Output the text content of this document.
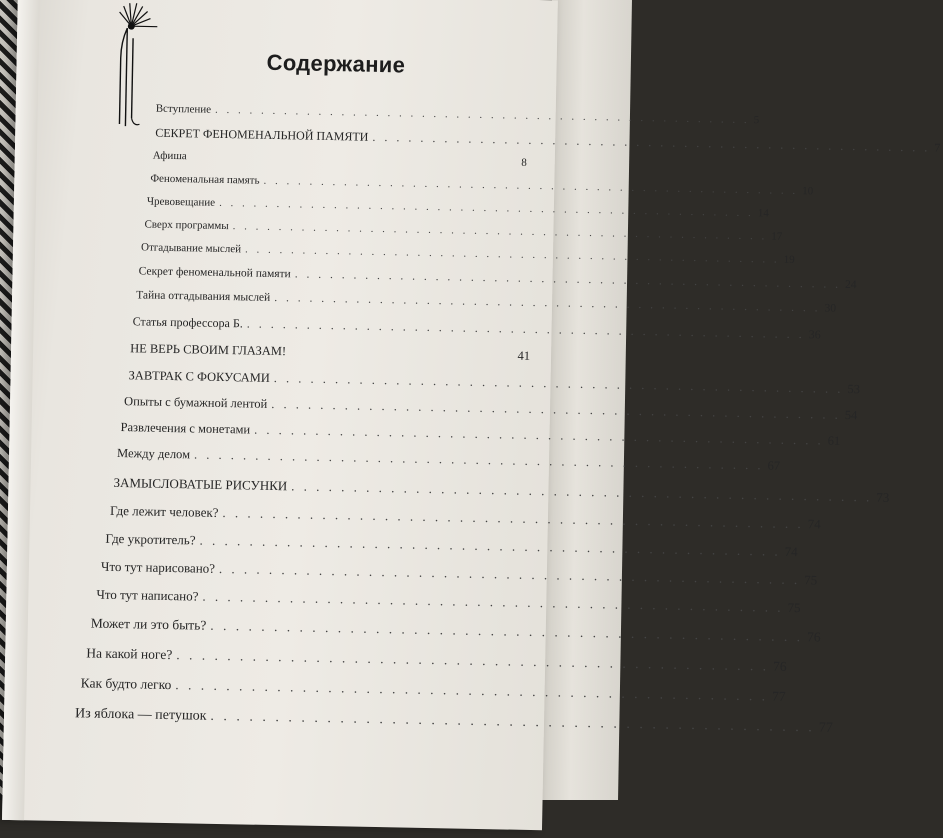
Содержание
Вступление . . . . . . . . . . . . . . . . . . . . . . . . . . . . . . . . . . . . . . . . . . . . . . . 5
СЕКРЕТ ФЕНОМЕНАЛЬНОЙ ПАМЯТИ . . . . . . . . . . . . . . . . . . . . . . . . . . . . . . . . . . . . . . . . . . . . . . . 7
Афиша
8
Феноменальная память . . . . . . . . . . . . . . . . . . . . . . . . . . . . . . . . . . . . . . . . . . . . . . . 10
Чревовещание . . . . . . . . . . . . . . . . . . . . . . . . . . . . . . . . . . . . . . . . . . . . . . . 14
Сверх программы . . . . . . . . . . . . . . . . . . . . . . . . . . . . . . . . . . . . . . . . . . . . . . . 17
Отгадывание мыслей . . . . . . . . . . . . . . . . . . . . . . . . . . . . . . . . . . . . . . . . . . . . . . . 19
Секрет феноменальной памяти . . . . . . . . . . . . . . . . . . . . . . . . . . . . . . . . . . . . . . . . . . . . . . . 24
Тайна отгадывания мыслей . . . . . . . . . . . . . . . . . . . . . . . . . . . . . . . . . . . . . . . . . . . . . . . 30
Статья профессора Б. . . . . . . . . . . . . . . . . . . . . . . . . . . . . . . . . . . . . . . . . . . . . . . . 36
НЕ ВЕРЬ СВОИМ ГЛАЗАМ!	41
ЗАВТРАК С ФОКУСАМИ . . . . . . . . . . . . . . . . . . . . . . . . . . . . . . . . . . . . . . . . . . . . . . . 53
Опыты с бумажной лентой . . . . . . . . . . . . . . . . . . . . . . . . . . . . . . . . . . . . . . . . . . . . . . . 54
Развлечения с монетами . . . . . . . . . . . . . . . . . . . . . . . . . . . . . . . . . . . . . . . . . . . . . . . 61
Между делом . . . . . . . . . . . . . . . . . . . . . . . . . . . . . . . . . . . . . . . . . . . . . . . 67
ЗАМЫСЛОВАТЫЕ РИСУНКИ . . . . . . . . . . . . . . . . . . . . . . . . . . . . . . . . . . . . . . . . . . . . . . . 73
Где лежит человек? . . . . . . . . . . . . . . . . . . . . . . . . . . . . . . . . . . . . . . . . . . . . . . . 74
Где укротитель? . . . . . . . . . . . . . . . . . . . . . . . . . . . . . . . . . . . . . . . . . . . . . . . 74
Что тут нарисовано? . . . . . . . . . . . . . . . . . . . . . . . . . . . . . . . . . . . . . . . . . . . . . . . 75
Что тут написано? . . . . . . . . . . . . . . . . . . . . . . . . . . . . . . . . . . . . . . . . . . . . . . . 75
Может ли это быть? . . . . . . . . . . . . . . . . . . . . . . . . . . . . . . . . . . . . . . . . . . . . . . . 76
На какой ноге? . . . . . . . . . . . . . . . . . . . . . . . . . . . . . . . . . . . . . . . . . . . . . . . 76
Как будто легко . . . . . . . . . . . . . . . . . . . . . . . . . . . . . . . . . . . . . . . . . . . . . . . 77
Из яблока — петушок . . . . . . . . . . . . . . . . . . . . . . . . . . . . . . . . . . . . . . . . . . . . . . . 77
